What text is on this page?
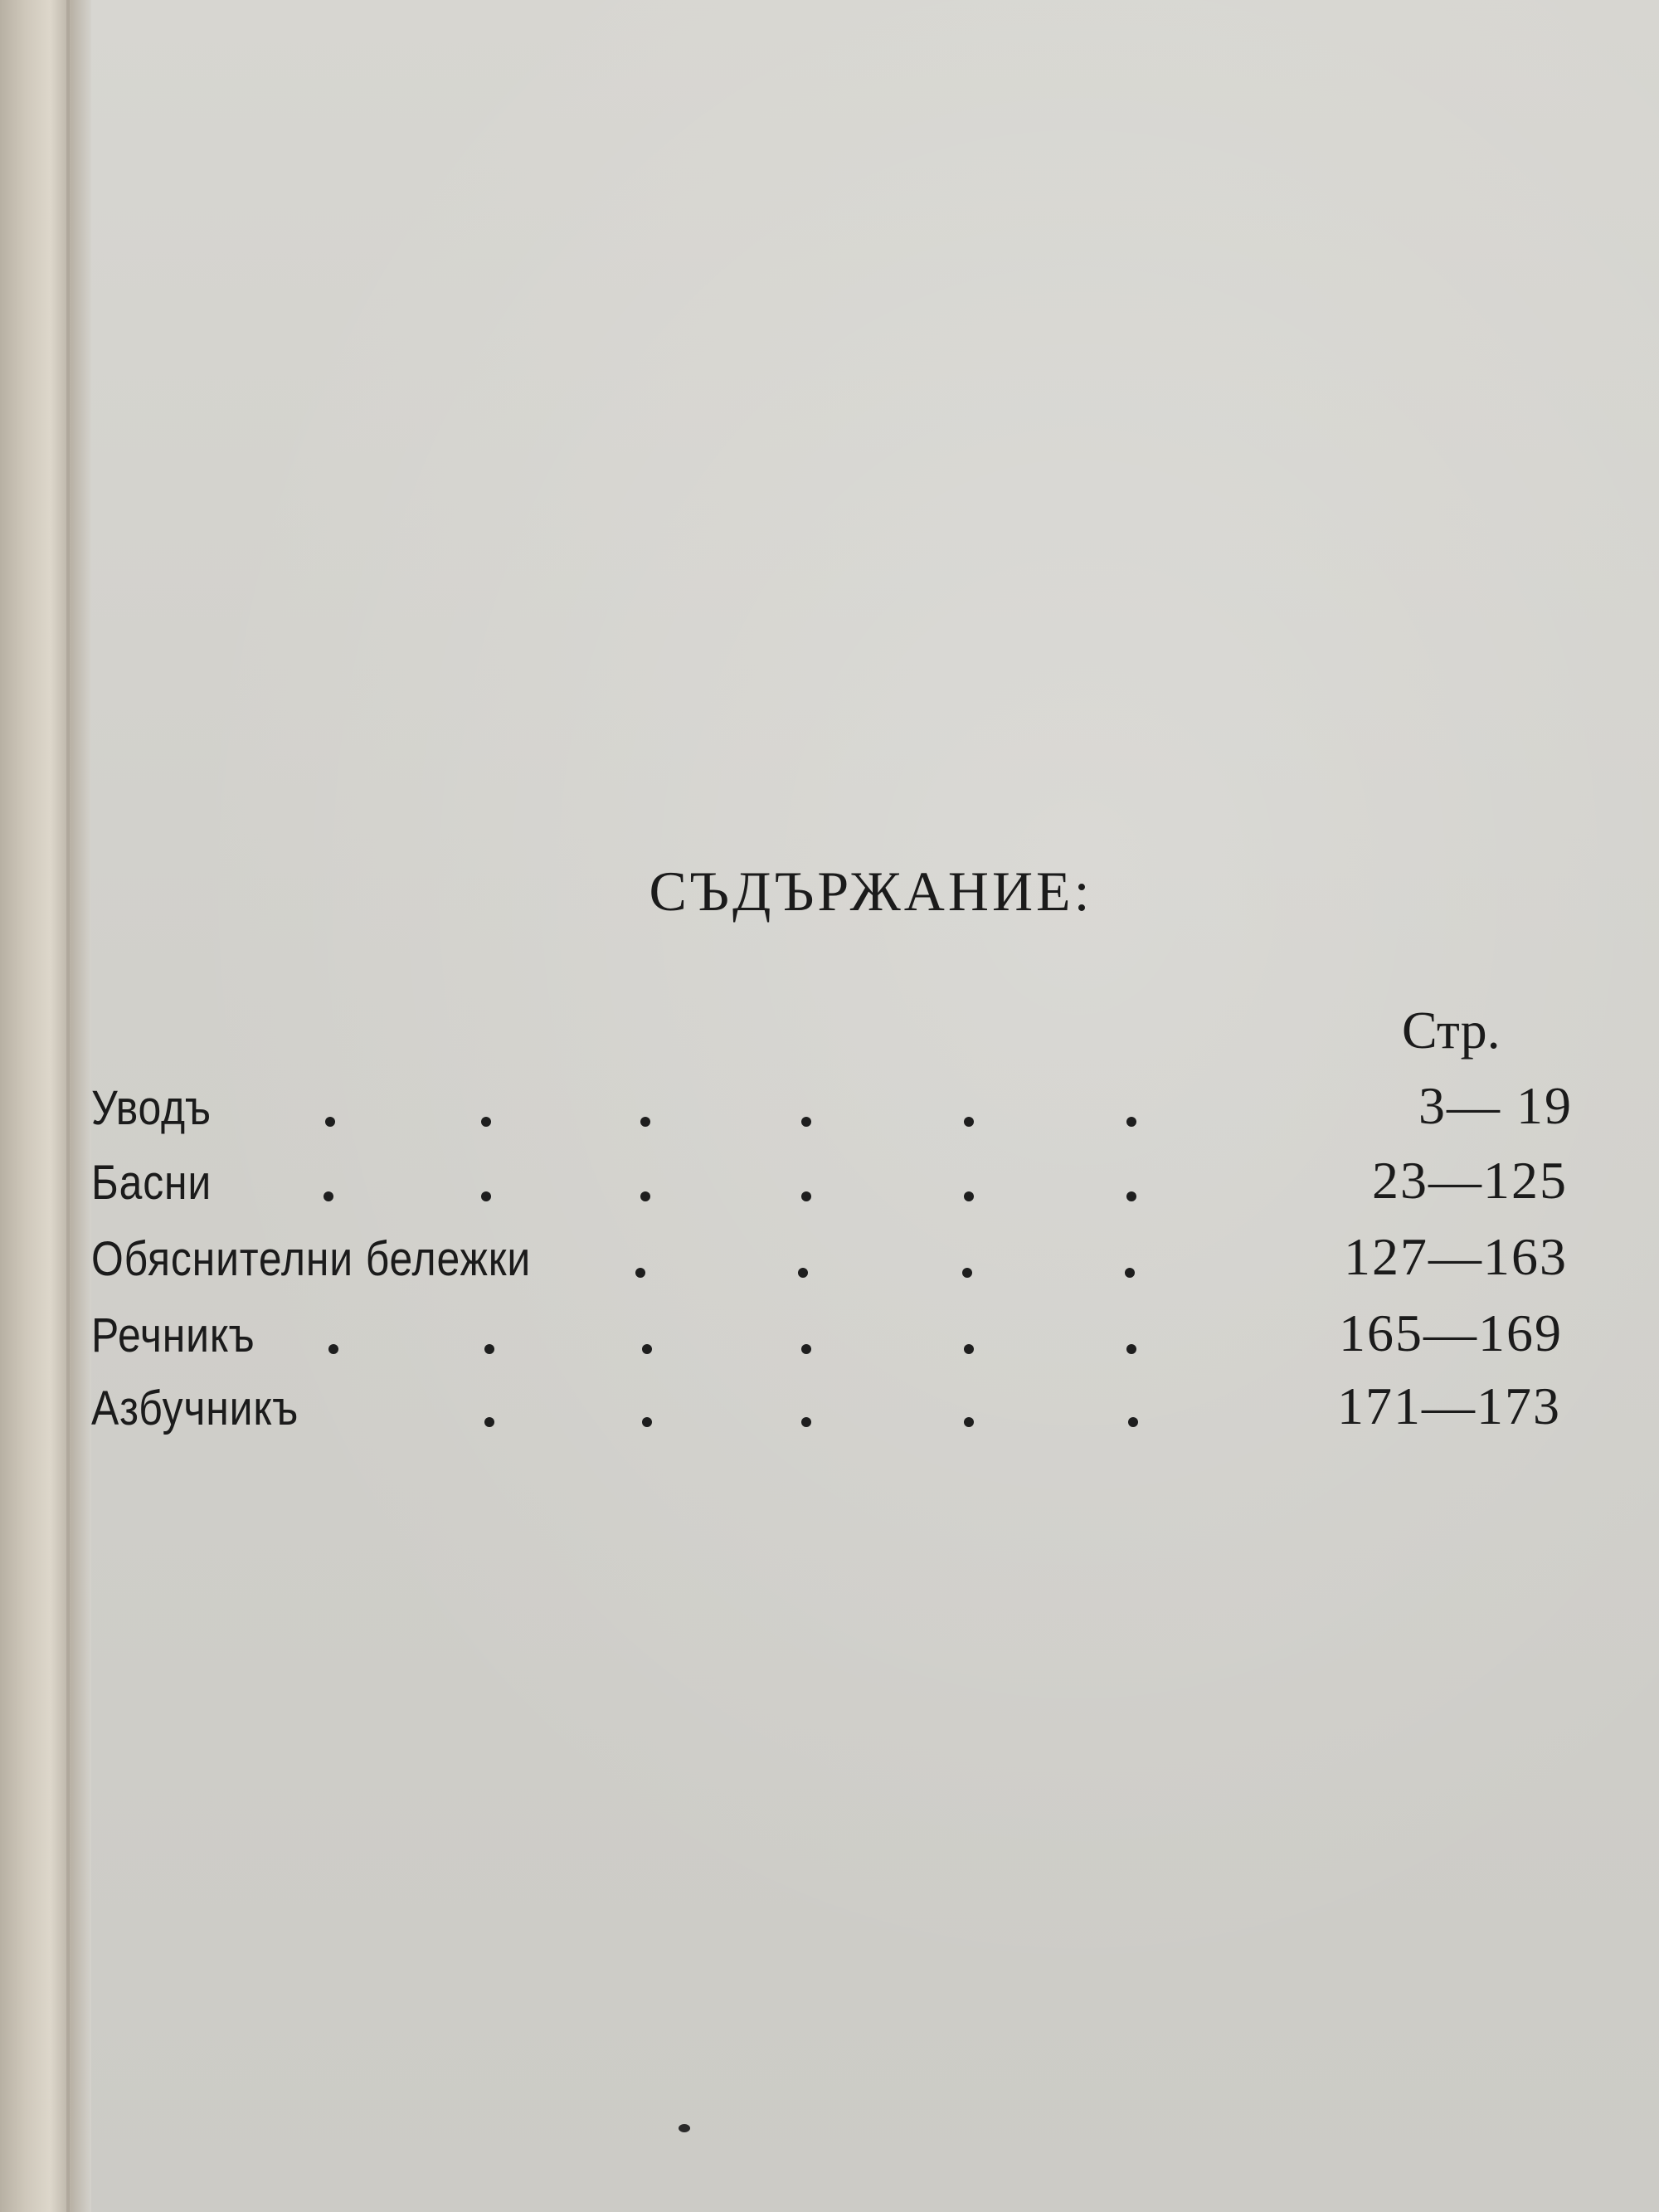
СЪДЪРЖАНИЕ:
Стр.
Уводъ	3— 19
Басни	23—125
Обяснителни бележки	127—163
Речникъ	165—169
Азбучникъ	171—173
